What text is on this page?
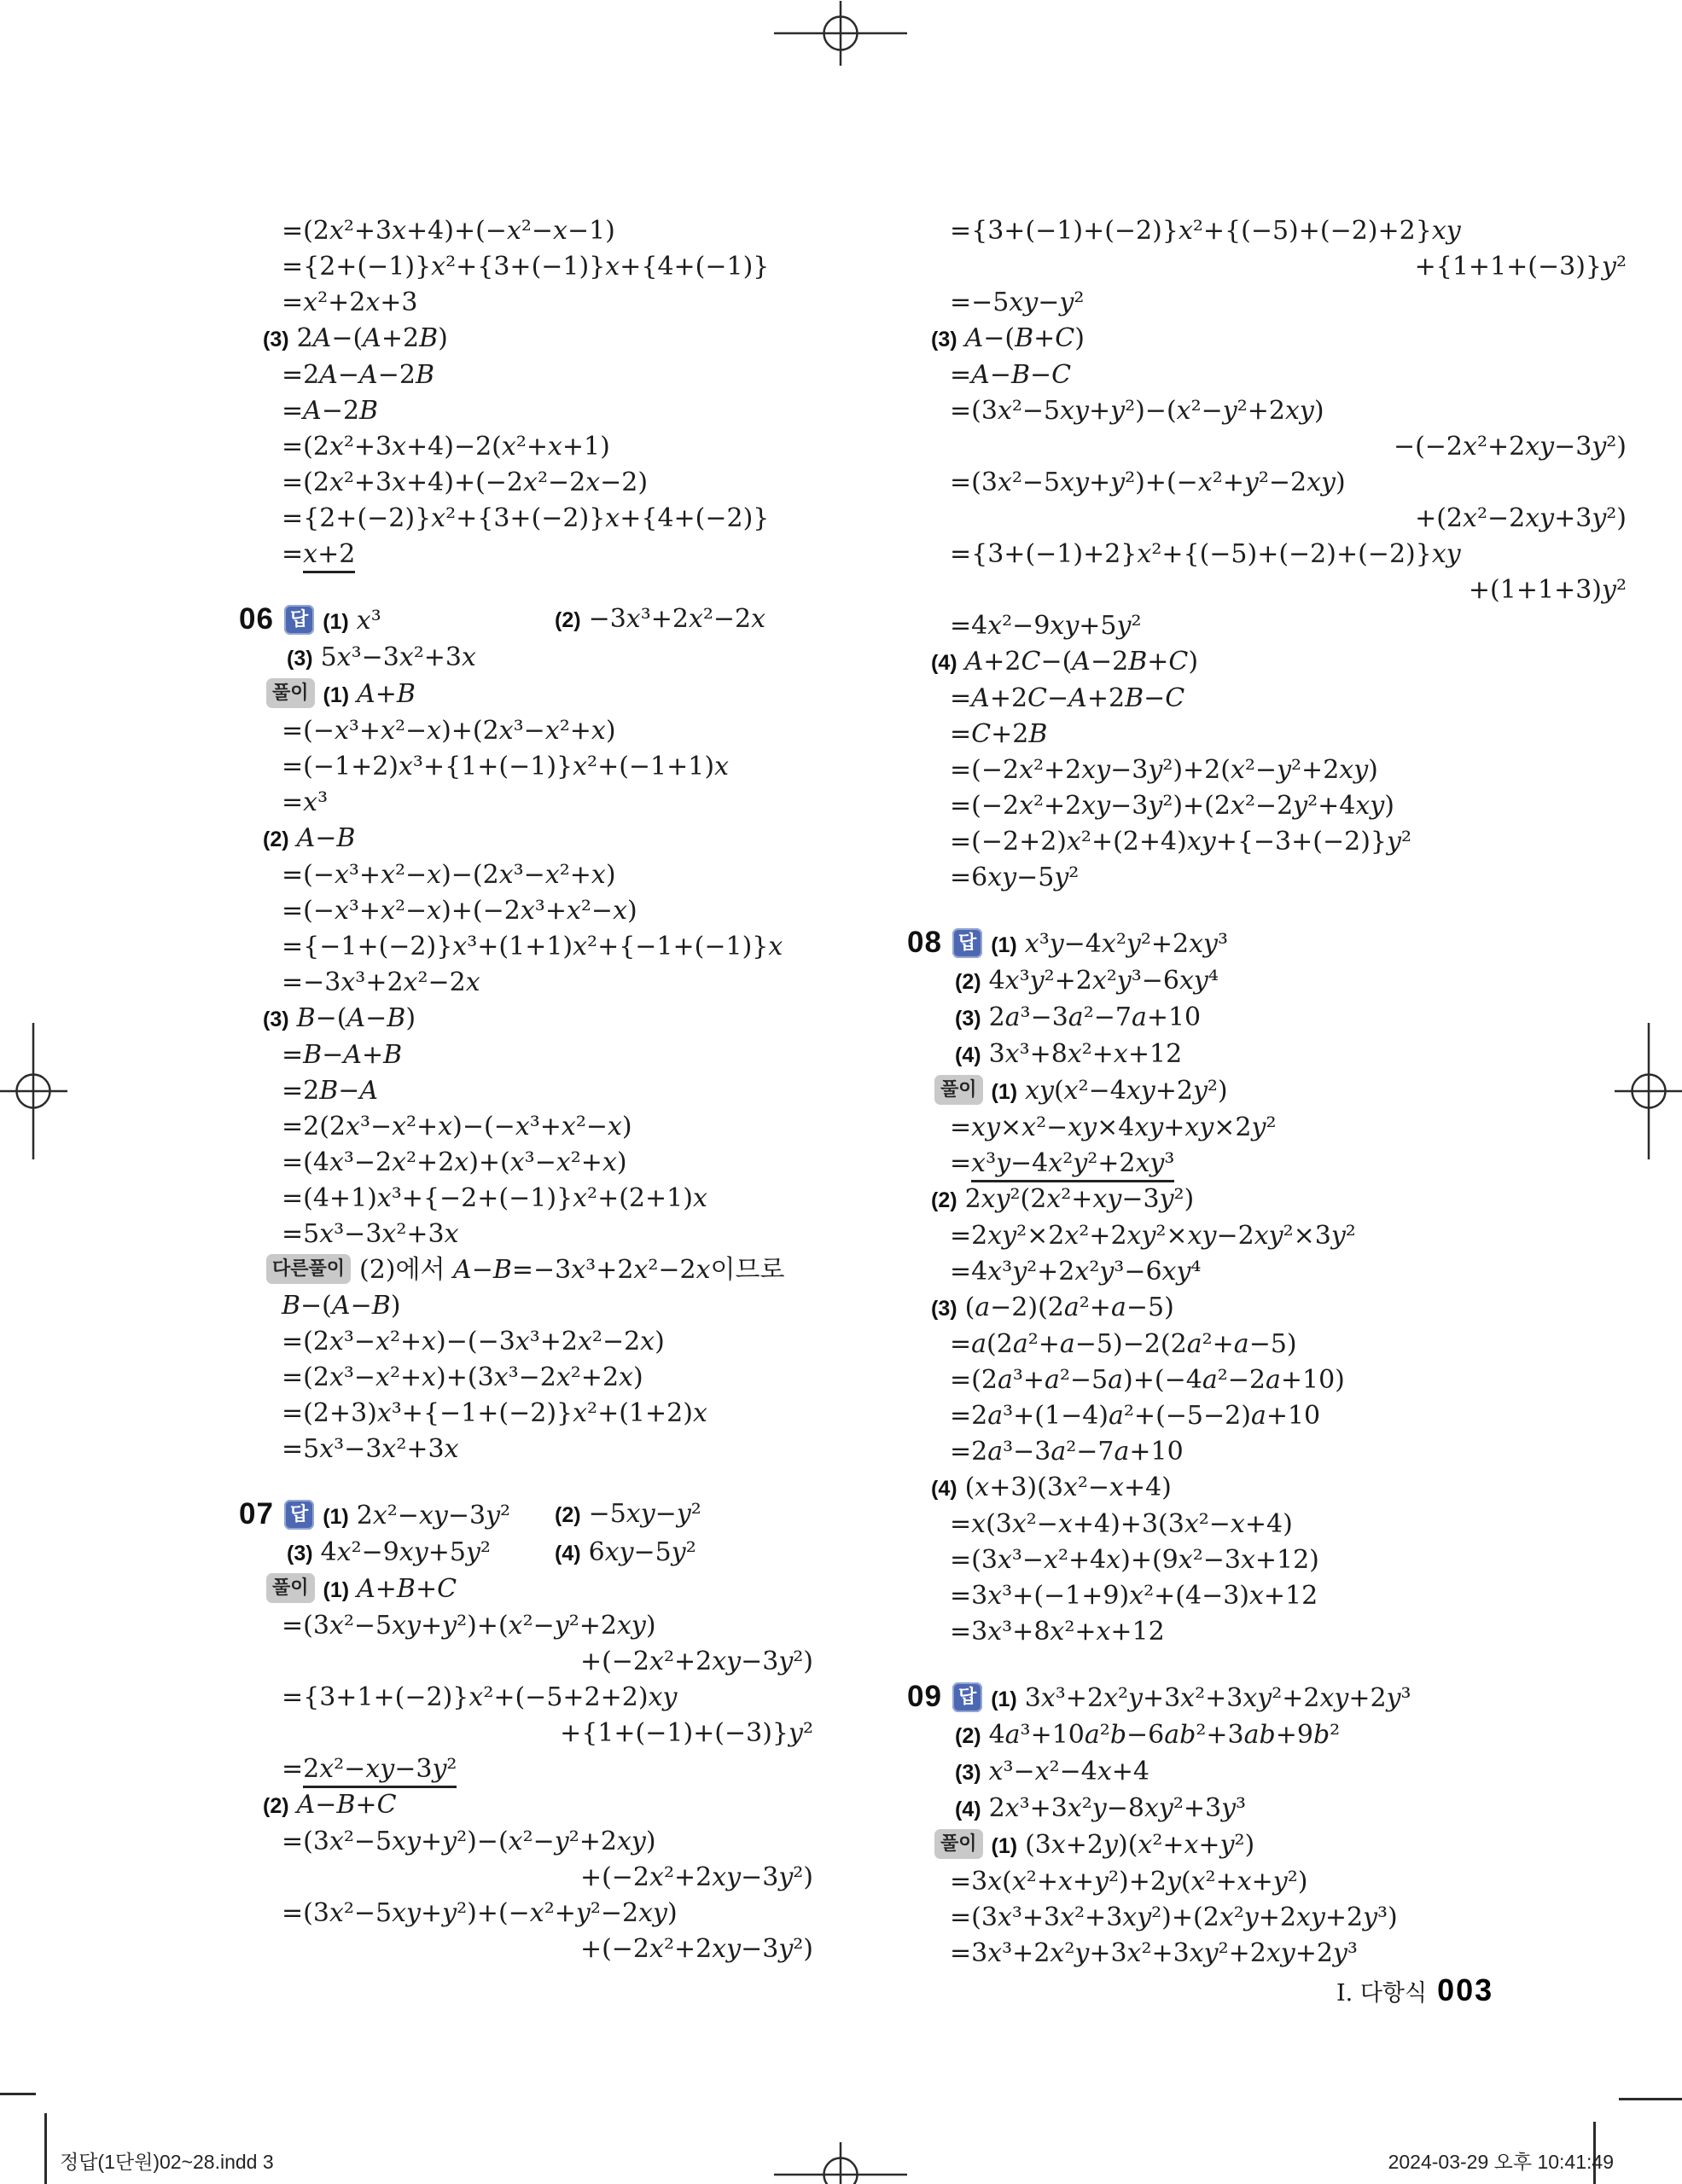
=(2x²+3x+4)+(−x²−x−1)
={2+(−1)}x²+{3+(−1)}x+{4+(−1)}
=x²+2x+3
(3) 2A−(A+2B)
=2A−A−2B
=A−2B
=(2x²+3x+4)−2(x²+x+1)
=(2x²+3x+4)+(−2x²−2x−2)
={2+(−2)}x²+{3+(−2)}x+{4+(−2)}
=x+2
06 답 (1) x³	(2) −3x³+2x²−2x
(3) 5x³−3x²+3x
풀이 (1) A+B
=(−x³+x²−x)+(2x³−x²+x)
=(−1+2)x³+{1+(−1)}x²+(−1+1)x
=x³
(2) A−B
=(−x³+x²−x)−(2x³−x²+x)
=(−x³+x²−x)+(−2x³+x²−x)
={−1+(−2)}x³+(1+1)x²+{−1+(−1)}x
=−3x³+2x²−2x
(3) B−(A−B)
=B−A+B
=2B−A
=2(2x³−x²+x)−(−x³+x²−x)
=(4x³−2x²+2x)+(x³−x²+x)
=(4+1)x³+{−2+(−1)}x²+(2+1)x
=5x³−3x²+3x
다른풀이 (2)에서 A−B=−3x³+2x²−2x이므로
B−(A−B)
=(2x³−x²+x)−(−3x³+2x²−2x)
=(2x³−x²+x)+(3x³−2x²+2x)
=(2+3)x³+{−1+(−2)}x²+(1+2)x
=5x³−3x²+3x
07 답 (1) 2x²−xy−3y² (2) −5xy−y²
(3) 4x²−9xy+5y²	(4) 6xy−5y²
풀이 (1) A+B+C
=(3x²−5xy+y²)+(x²−y²+2xy)
+(−2x²+2xy−3y²)
={3+1+(−2)}x²+(−5+2+2)xy
+{1+(−1)+(−3)}y²
=2x²−xy−3y²
(2) A−B+C
=(3x²−5xy+y²)−(x²−y²+2xy)
+(−2x²+2xy−3y²)
=(3x²−5xy+y²)+(−x²+y²−2xy)
+(−2x²+2xy−3y²)
={3+(−1)+(−2)}x²+{(−5)+(−2)+2}xy
+{1+1+(−3)}y²
=−5xy−y²
(3) A−(B+C)
=A−B−C
=(3x²−5xy+y²)−(x²−y²+2xy)
−(−2x²+2xy−3y²)
=(3x²−5xy+y²)+(−x²+y²−2xy)
+(2x²−2xy+3y²)
={3+(−1)+2}x²+{(−5)+(−2)+(−2)}xy
+(1+1+3)y²
=4x²−9xy+5y²
(4) A+2C−(A−2B+C)
=A+2C−A+2B−C
=C+2B
=(−2x²+2xy−3y²)+2(x²−y²+2xy)
=(−2x²+2xy−3y²)+(2x²−2y²+4xy)
=(−2+2)x²+(2+4)xy+{−3+(−2)}y²
=6xy−5y²
08 답 (1) x³y−4x²y²+2xy³
(2) 4x³y²+2x²y³−6xy⁴
(3) 2a³−3a²−7a+10
(4) 3x³+8x²+x+12
풀이 (1) xy(x²−4xy+2y²)
=xy×x²−xy×4xy+xy×2y²
=x³y−4x²y²+2xy³
(2) 2xy²(2x²+xy−3y²)
=2xy²×2x²+2xy²×xy−2xy²×3y²
=4x³y²+2x²y³−6xy⁴
(3) (a−2)(2a²+a−5)
=a(2a²+a−5)−2(2a²+a−5)
=(2a³+a²−5a)+(−4a²−2a+10)
=2a³+(1−4)a²+(−5−2)a+10
=2a³−3a²−7a+10
(4) (x+3)(3x²−x+4)
=x(3x²−x+4)+3(3x²−x+4)
=(3x³−x²+4x)+(9x²−3x+12)
=3x³+(−1+9)x²+(4−3)x+12
=3x³+8x²+x+12
09 답 (1) 3x³+2x²y+3x²+3xy²+2xy+2y³
(2) 4a³+10a²b−6ab²+3ab+9b²
(3) x³−x²−4x+4
(4) 2x³+3x²y−8xy²+3y³
풀이 (1) (3x+2y)(x²+x+y²)
=3x(x²+x+y²)+2y(x²+x+y²)
=(3x³+3x²+3xy²)+(2x²y+2xy+2y³)
=3x³+2x²y+3x²+3xy²+2xy+2y³
Ⅰ. 다항식 003
정답(1단원)02~28.indd 3	2024-03-29 오후 10:41:49
